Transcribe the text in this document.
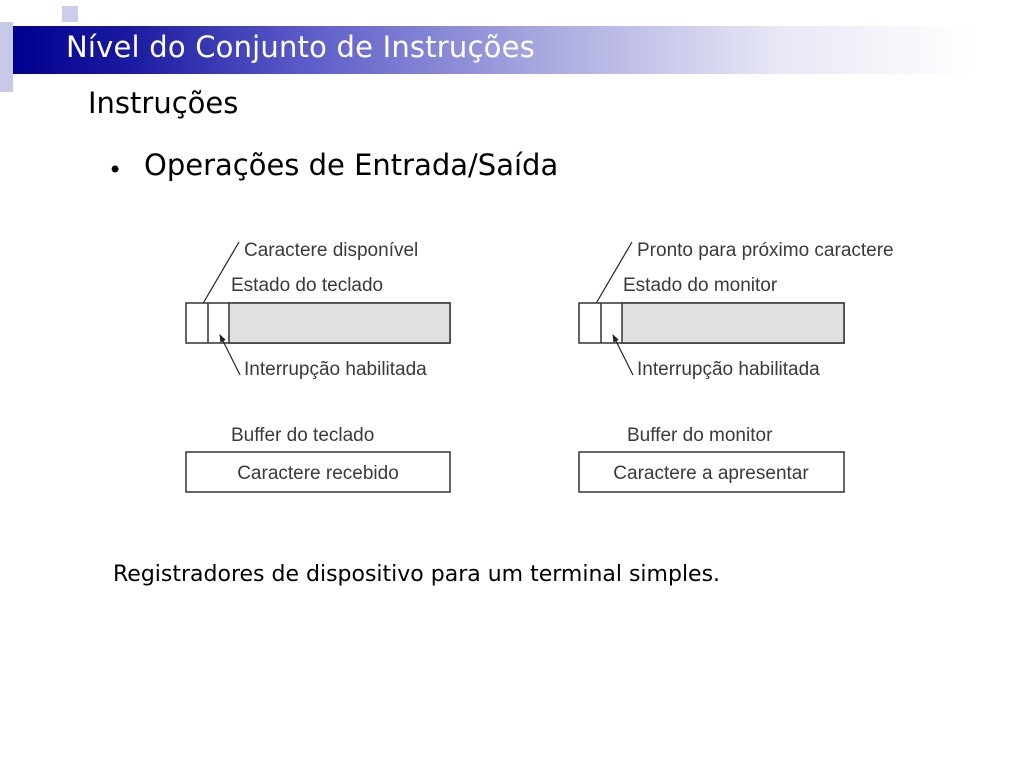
Nível do Conjunto de Instruções
Instruções
• Operações de Entrada/Saída
Caractere disponível
Estado do teclado
Interrupção habilitada
Buffer do teclado
Caractere recebido
Pronto para próximo caractere
Estado do monitor
Interrupção habilitada
Buffer do monitor
Caractere a apresentar
Registradores de dispositivo para um terminal simples.
